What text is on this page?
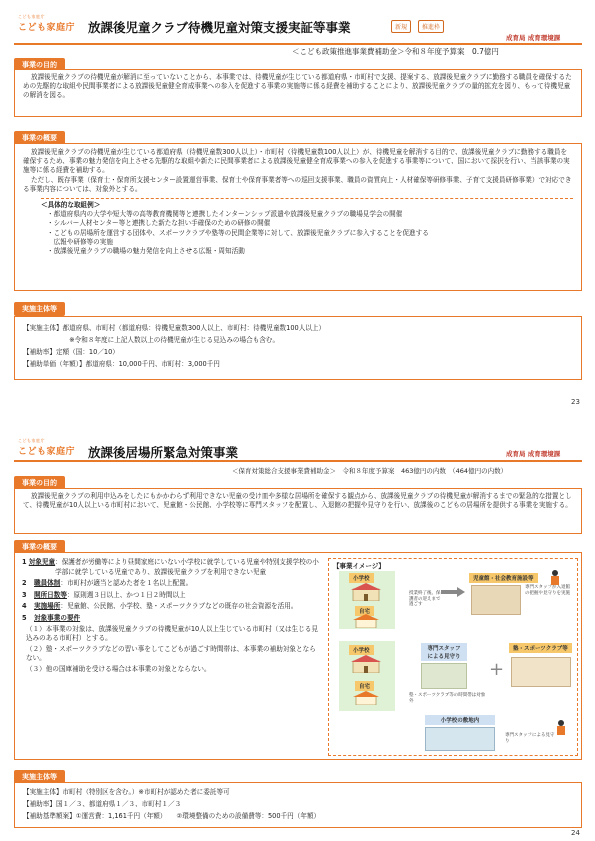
こども家庭庁
こども家庭庁 放課後児童クラブ待機児童対策支援実証等事業	新規	推進枠
成育局 成育環境課
＜こども政策推進事業費補助金＞令和８年度予算案　0.7億円
事業の目的

放課後児童クラブの待機児童が解消に至っていないことから、本事業では、待機児童が生じている都道府県・市町村で支援、提案する、放課後児童クラブに勤務する職員を確保するための先駆的な取組や民間事業者による放課後児童健全育成事業への参入を促進する事業の実施等に係る経費を補助することにより、放課後児童クラブの量的拡充を図り、もって待機児童の解消を図る。

事業の概要

放課後児童クラブの待機児童が生じている都道府県（待機児童数300人以上）・市町村（待機児童数100人以上）が、待機児童を解消する目的で、放課後児童クラブに勤務する職員を確保するため、事業の魅力発信を向上させる先駆的な取組や新たに民間事業者による放課後児童健全育成事業への参入を促進する事業等について、国において採択を行い、当該事業の実施等に係る経費を補助する。

ただし、既存事業（保育士・保育所支援センター設置運営事業、保育士や保育事業者等への巡回支援事業、職員の資質向上・人材確保等研修事業、子育て支援員研修事業）で対応できる事業内容については、対象外とする。

＜具体的な取組例＞

・都道府県内の大学や短大等の高等教育機関等と連携したインターンシップ派遣や放課後児童クラブの職場見学会の開催

・シルバー人材センター等と連携した新たな担い手確保のための研修の開催

・こどもの居場所を運営する団体や、スポーツクラブや塾等の民間企業等に対して、放課後児童クラブに参入することを促進する

　広報や研修等の実施

・放課後児童クラブの職場の魅力発信を向上させる広報・周知活動

実施主体等

【実施主体】都道府県、市町村（都道府県：待機児童数300人以上、市町村：待機児童数100人以上）

　　　　　　　※令和８年度に上記人数以上の待機児童が生じる見込みの場合も含む。

【補助率】定額（国：10／10）

【補助単価（年額）】都道府県：10,000千円、市町村：3,000千円

23
こども家庭庁
こども家庭庁 放課後居場所緊急対策事業	成育局 成育環境課
＜保育対策総合支援事業費補助金＞　令和８年度予算案　463億円の内数　（464億円の内数）
事業の目的

放課後児童クラブの利用申込みをしたにもかかわらず利用できない児童の受け皿や多様な居場所を確保する観点から、放課後児童クラブの待機児童が解消するまでの緊急的な措置として、待機児童が10人以上いる市町村において、児童館・公民館、小学校等に専門スタッフを配置し、入退館の把握や見守りを行い、放課後のこどもの居場所を提供する事業を実施する。

事業の概要
1 対象児童 ：保護者が労働等により昼間家庭にいない小学校に就学している児童や特別支援学校の小学部に就学している児童であり、放課後児童クラブを利用できない児童
2	職員体制 ：市町村が適当と認めた者を１名以上配置。
3	開所日数等 ：原則週３日以上、かつ１日２時間以上
4	実施場所 ：児童館、公民館、小学校、塾・スポーツクラブなどの既存の社会資源を活用。
5	対象事業の要件

（１）本事業の対象は、放課後児童クラブの待機児童が10人以上生じている市町村（又は生じる見込みのある市町村）とする。

（２）塾・スポーツクラブなどの習い事をしてこどもが過ごす時間帯は、本事業の補助対象とならない。

（３）他の国庫補助を受ける場合は本事業の対象とならない。

【事業イメージ】
小学校
自宅
授業終了後、保護者の迎えまで過ごす
児童館・社会教育施設等
専門スタッフが入退館の把握や見守りを実施
小学校
自宅
専門スタッフによる見守り
塾・スポーツクラブ等の時間帯は対象外
+
塾・スポーツクラブ等
小学校の敷地内
専門スタッフによる見守り
実施主体等

【実施主体】市町村（特別区を含む。）※市町村が認めた者に委託等可

【補助率】国１／３、都道府県１／３、市町村１／３

【補助基準額案】①運営費：1,161千円（年額）　　②環境整備のための設備費等：500千円（年額）

24
